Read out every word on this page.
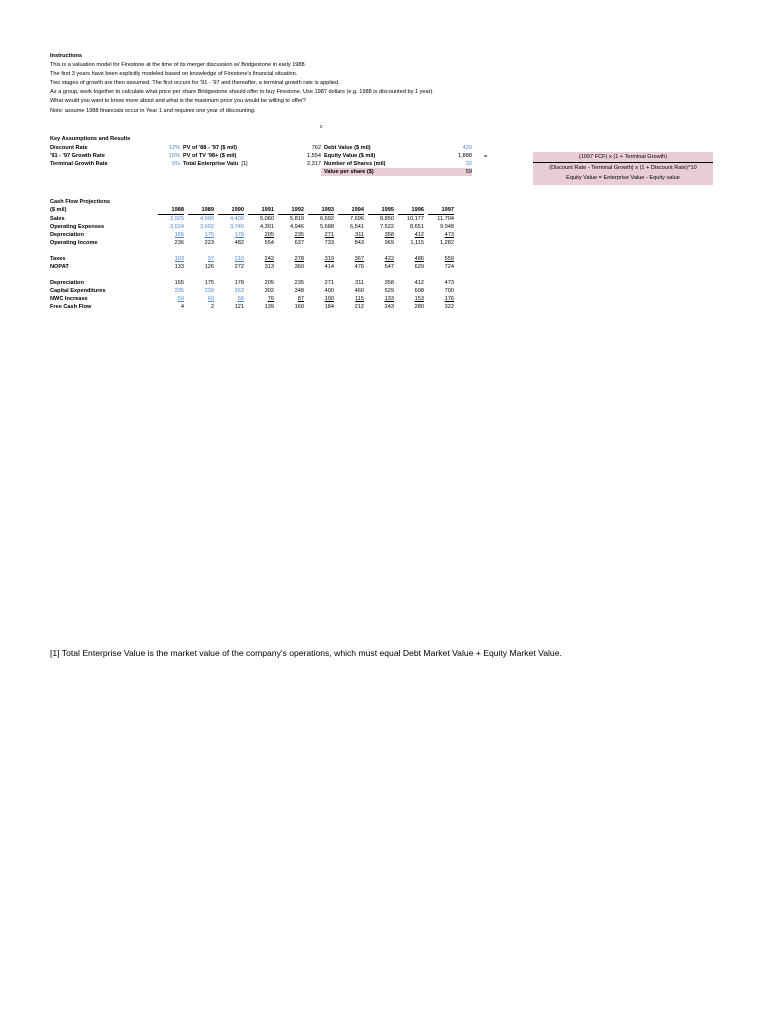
Instructions
This is a valuation model for Firestone at the time of its merger discussion w/ Bridgestone in early 1988.
The first 3 years have been explicitly modeled based on knowledge of Firestone's financial situation.
Two stages of growth are then assumed. The first occurs for '91 - '97 and thereafter, a terminal growth rate is applied.
As a group, work together to calculate what price per share Bridgestone should offer to buy Firestone. Use 1987 dollars (e.g. 1988 is discounted by 1 year).
What would you want to know more about and what is the maximum price you would be willing to offer?
Note: assume 1988 financials occur in Year 1 and requires one year of discounting.
c
Key Assumptions and Results
Discount Rate	12%	PV of '88 - '97 ($ mil)	762	Debt Value ($ mil)	420
'91 - '97 Growth Rate	15%	PV of TV '98+ ($ mil)	1,554	Equity Value ($ mil)	1,888
Terminal Growth Rate	5%	Total Enterprise Valu [1]	2,317	Number of Shares (mil)	32
				Value per share ($)	59
=	(1997 FCF) x (1 + Terminal Growth)
(Discount Rate - Terminal Growth) x (1 + Discount Rate)^10
Equity Value = Enterprise Value - Equity value
Cash Flow Projections																			
($ mil)	1988		1989		1990		1991		1992		1993		1994		1995		1996		1997
Sales	3,925		4,000		4,400		5,060		5,819		6,692		7,696		8,850		10,177		11,704
Operating Expenses	3,524		3,602		3,740		4,301		4,946		5,688		6,541		7,522		8,651		9,948
Depreciation	165		175		178		205		235		271		311		358		412		473
Operating Income	236		223		482		554		637		733		843		969		1,115		1,282

Taxes	103		97		210		242		278		319		367		422		486		559
NOPAT	133		126		272		313		360		414		476		547		629		724

Depreciation	165		175		178		205		235		271		311		358		412		473
Capital Expenditures	235		239		263		302		348		400		460		529		608		700
NWC Increase	59		60		66		76		87		100		115		133		153		176
Free Cash Flow	4		2		121		139		160		184		212		243		280		322
[1] Total Enterprise Value is the market value of the company's operations, which must equal Debt Market Value + Equity Market Value.
